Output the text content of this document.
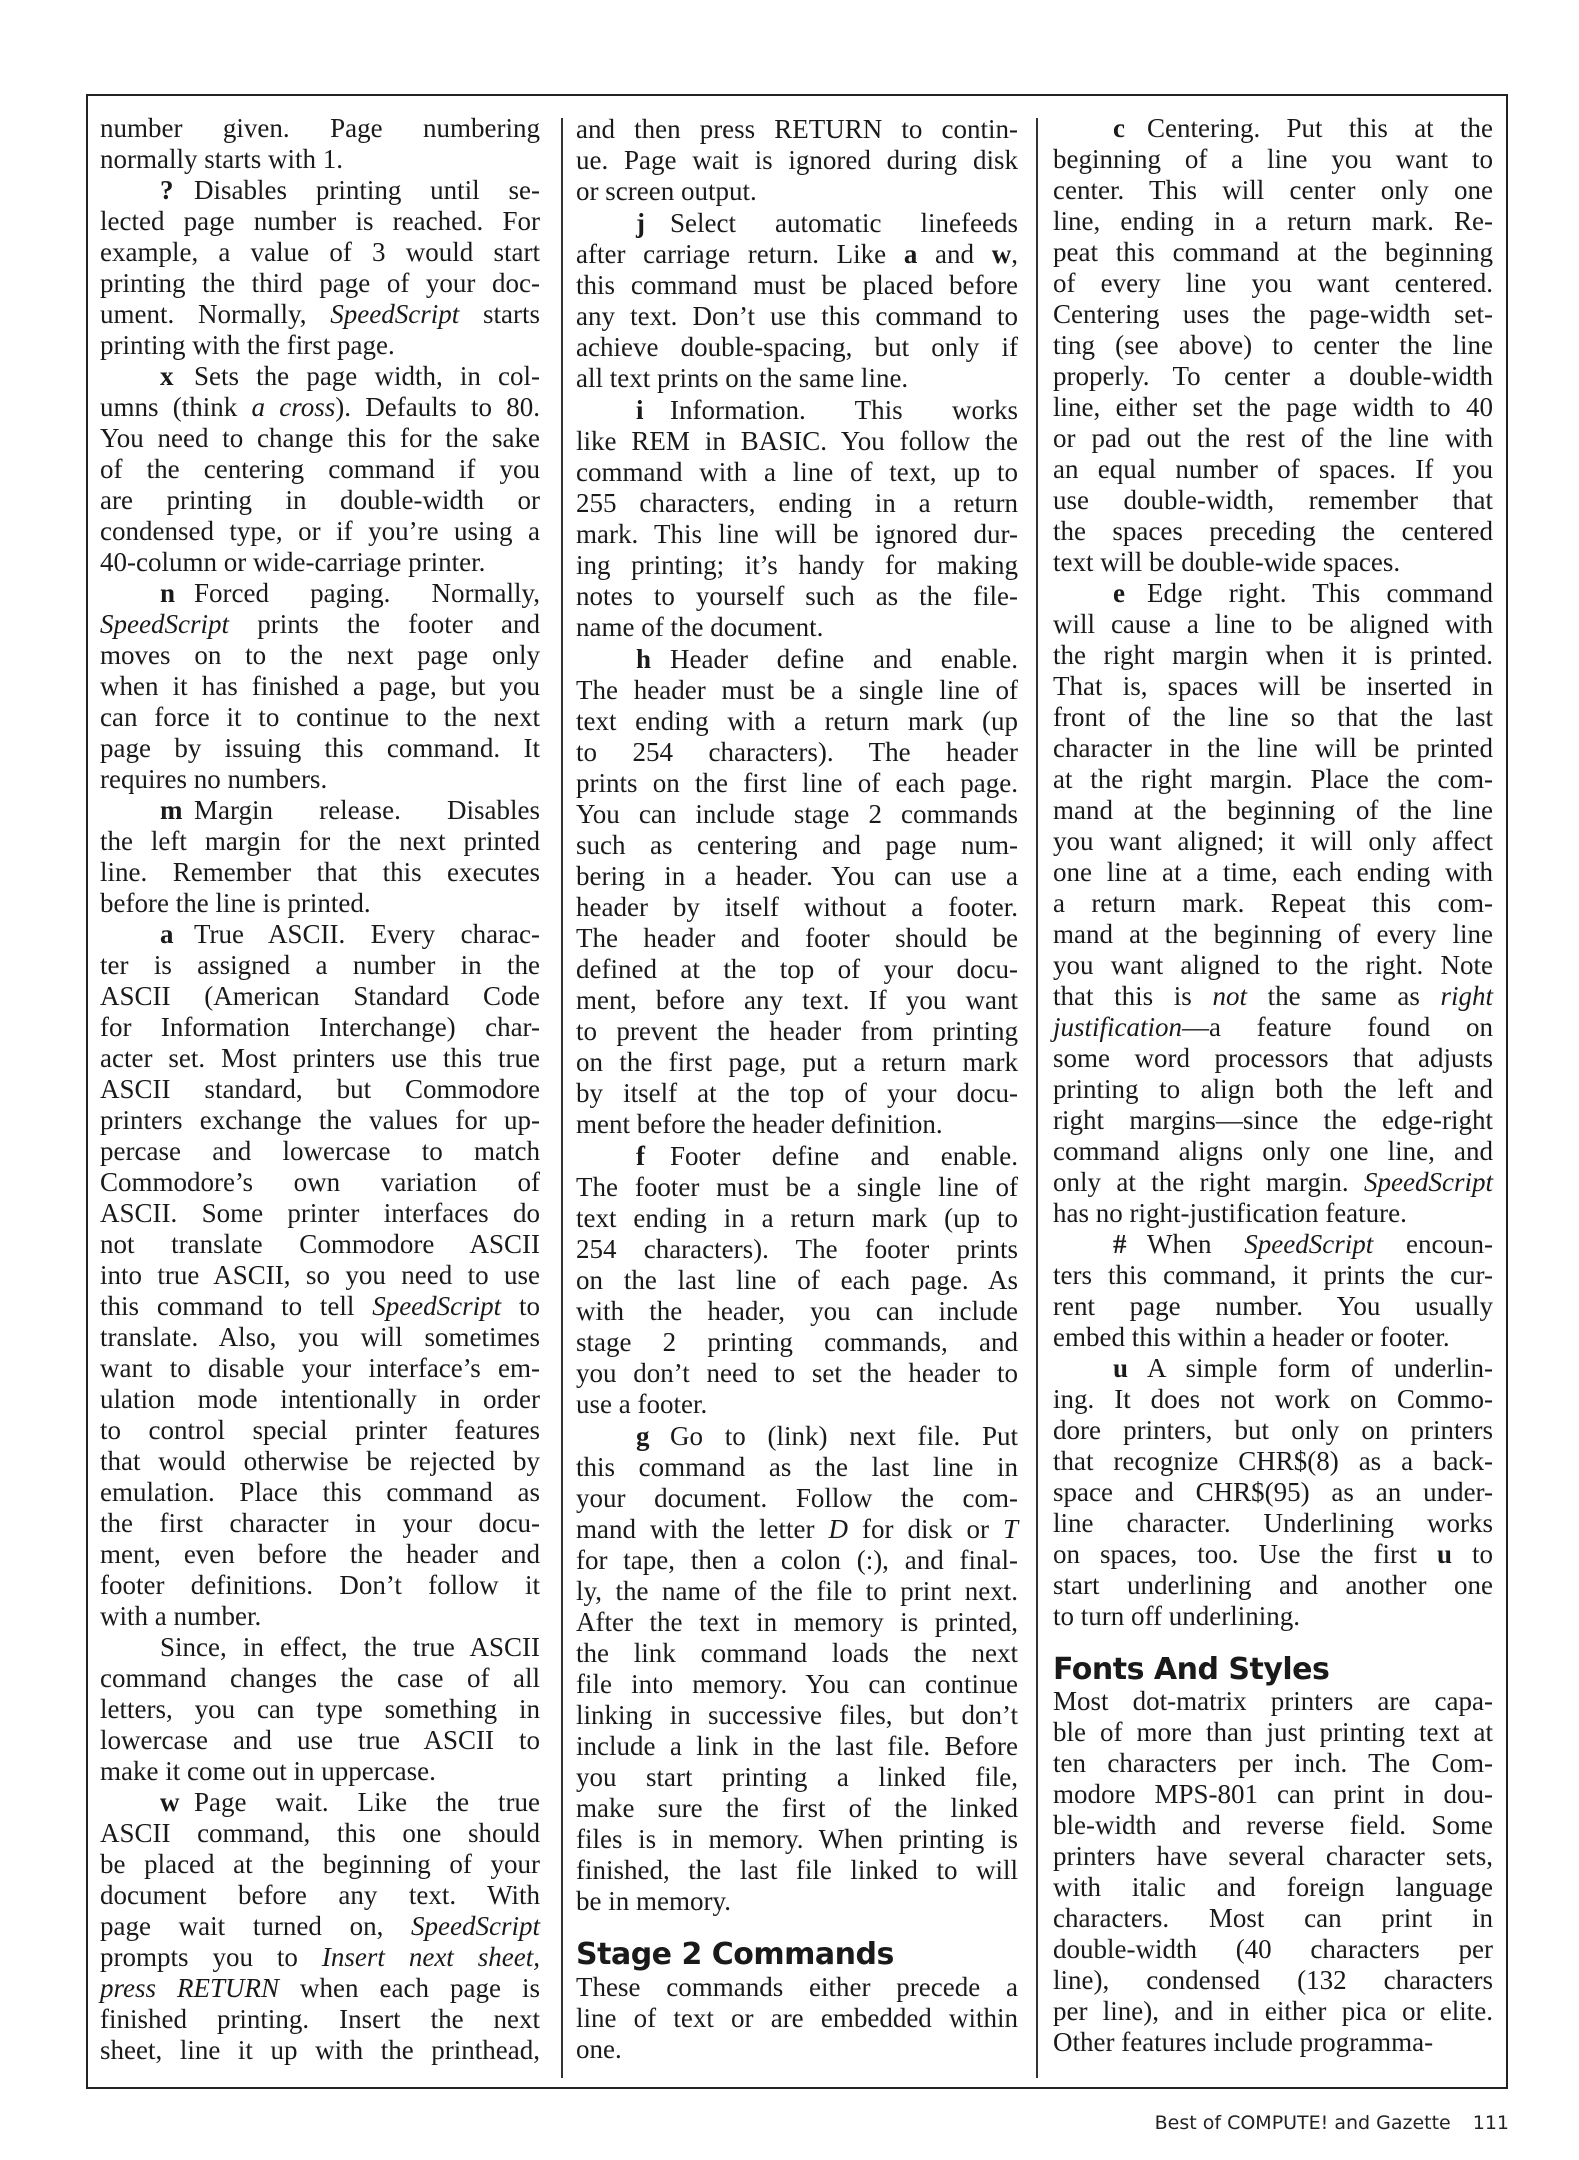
number given. Page numbering
normally starts with 1.
? Disables printing until se-
lected page number is reached. For
example, a value of 3 would start
printing the third page of your doc-
ument. Normally, SpeedScript starts
printing with the first page.
x Sets the page width, in col-
umns (think a cross). Defaults to 80.
You need to change this for the sake
of the centering command if you
are printing in double-width or
condensed type, or if you’re using a
40-column or wide-carriage printer.
n Forced paging. Normally,
SpeedScript prints the footer and
moves on to the next page only
when it has finished a page, but you
can force it to continue to the next
page by issuing this command. It
requires no numbers.
m Margin release. Disables
the left margin for the next printed
line. Remember that this executes
before the line is printed.
a True ASCII. Every charac-
ter is assigned a number in the
ASCII (American Standard Code
for Information Interchange) char-
acter set. Most printers use this true
ASCII standard, but Commodore
printers exchange the values for up-
percase and lowercase to match
Commodore’s own variation of
ASCII. Some printer interfaces do
not translate Commodore ASCII
into true ASCII, so you need to use
this command to tell SpeedScript to
translate. Also, you will sometimes
want to disable your interface’s em-
ulation mode intentionally in order
to control special printer features
that would otherwise be rejected by
emulation. Place this command as
the first character in your docu-
ment, even before the header and
footer definitions. Don’t follow it
with a number.
Since, in effect, the true ASCII
command changes the case of all
letters, you can type something in
lowercase and use true ASCII to
make it come out in uppercase.
w Page wait. Like the true
ASCII command, this one should
be placed at the beginning of your
document before any text. With
page wait turned on, SpeedScript
prompts you to Insert next sheet,
press RETURN when each page is
finished printing. Insert the next
sheet, line it up with the printhead,
and then press RETURN to contin-
ue. Page wait is ignored during disk
or screen output.
j Select automatic linefeeds
after carriage return. Like a and w,
this command must be placed before
any text. Don’t use this command to
achieve double-spacing, but only if
all text prints on the same line.
i Information. This works
like REM in BASIC. You follow the
command with a line of text, up to
255 characters, ending in a return
mark. This line will be ignored dur-
ing printing; it’s handy for making
notes to yourself such as the file-
name of the document.
h Header define and enable.
The header must be a single line of
text ending with a return mark (up
to 254 characters). The header
prints on the first line of each page.
You can include stage 2 commands
such as centering and page num-
bering in a header. You can use a
header by itself without a footer.
The header and footer should be
defined at the top of your docu-
ment, before any text. If you want
to prevent the header from printing
on the first page, put a return mark
by itself at the top of your docu-
ment before the header definition.
f Footer define and enable.
The footer must be a single line of
text ending in a return mark (up to
254 characters). The footer prints
on the last line of each page. As
with the header, you can include
stage 2 printing commands, and
you don’t need to set the header to
use a footer.
g Go to (link) next file. Put
this command as the last line in
your document. Follow the com-
mand with the letter D for disk or T
for tape, then a colon (:), and final-
ly, the name of the file to print next.
After the text in memory is printed,
the link command loads the next
file into memory. You can continue
linking in successive files, but don’t
include a link in the last file. Before
you start printing a linked file,
make sure the first of the linked
files is in memory. When printing is
finished, the last file linked to will
be in memory.
Stage 2 Commands
These commands either precede a
line of text or are embedded within
one.
c Centering. Put this at the
beginning of a line you want to
center. This will center only one
line, ending in a return mark. Re-
peat this command at the beginning
of every line you want centered.
Centering uses the page-width set-
ting (see above) to center the line
properly. To center a double-width
line, either set the page width to 40
or pad out the rest of the line with
an equal number of spaces. If you
use double-width, remember that
the spaces preceding the centered
text will be double-wide spaces.
e Edge right. This command
will cause a line to be aligned with
the right margin when it is printed.
That is, spaces will be inserted in
front of the line so that the last
character in the line will be printed
at the right margin. Place the com-
mand at the beginning of the line
you want aligned; it will only affect
one line at a time, each ending with
a return mark. Repeat this com-
mand at the beginning of every line
you want aligned to the right. Note
that this is not the same as right
justification—a feature found on
some word processors that adjusts
printing to align both the left and
right margins—since the edge-right
command aligns only one line, and
only at the right margin. SpeedScript
has no right-justification feature.
# When SpeedScript encoun-
ters this command, it prints the cur-
rent page number. You usually
embed this within a header or footer.
u A simple form of underlin-
ing. It does not work on Commo-
dore printers, but only on printers
that recognize CHR$(8) as a back-
space and CHR$(95) as an under-
line character. Underlining works
on spaces, too. Use the first u to
start underlining and another one
to turn off underlining.
Fonts And Styles
Most dot-matrix printers are capa-
ble of more than just printing text at
ten characters per inch. The Com-
modore MPS-801 can print in dou-
ble-width and reverse field. Some
printers have several character sets,
with italic and foreign language
characters. Most can print in
double-width (40 characters per
line), condensed (132 characters
per line), and in either pica or elite.
Other features include programma-
Best of COMPUTE! and Gazette 111
